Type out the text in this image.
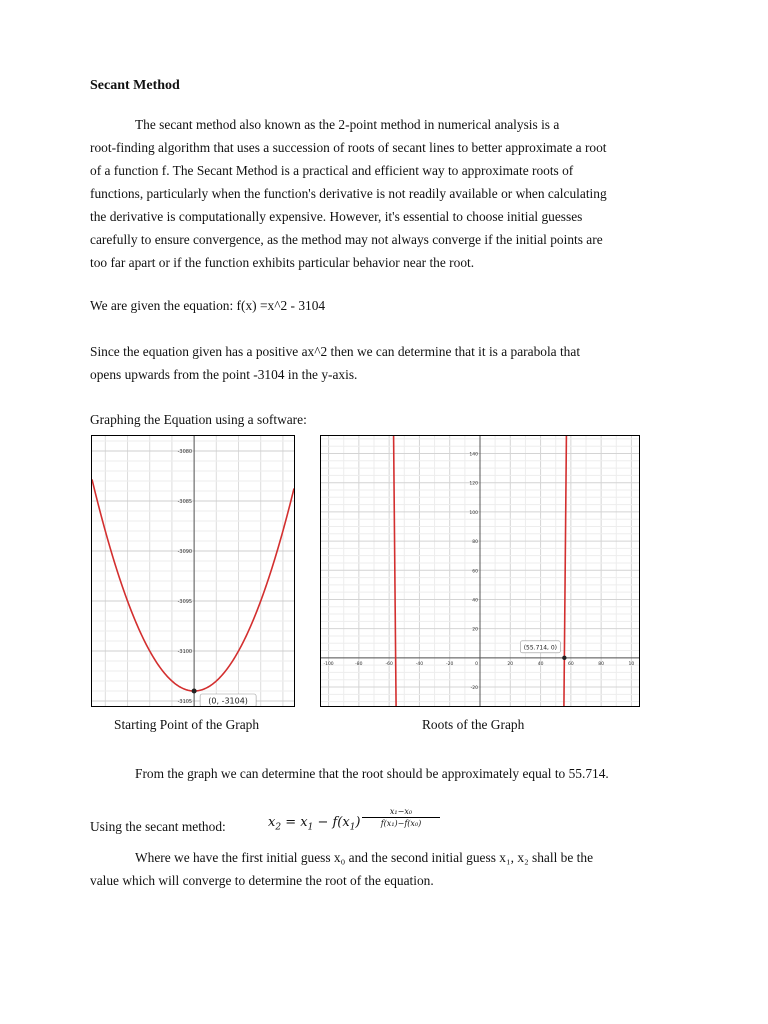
Secant Method

The secant method also known as the 2-point method in numerical analysis is a
root-finding algorithm that uses a succession of roots of secant lines to better approximate a root
of a function f. The Secant Method is a practical and efficient way to approximate roots of
functions, particularly when the function's derivative is not readily available or when calculating
the derivative is computationally expensive. However, it's essential to choose initial guesses
carefully to ensure convergence, as the method may not always converge if the initial points are
too far apart or if the function exhibits particular behavior near the root.

We are given the equation: f(x) =x^2 - 3104

Since the equation given has a positive ax^2 then we can determine that it is a parabola that
opens upwards from the point -3104 in the y-axis.

Graphing the Equation using a software:

-3080
-3085
-3090
-3095
-3100
-3105 (0, -3104)
-100	-80	-60	-40	-20	20	40	60	80	10
140
120
100
80
60
40
20
-20
0
(55.714, 0)
Starting Point of the Graph	Roots of the Graph

From the graph we can determine that the root should be approximately equal to 55.714.

Using the secant method:	$x_2 = x_1 - f(x_1) \frac{\text{x₁−x₀}}{\text{f(x₁)−f(x₀)}}$

Where we have the first initial guess x₀ and the second initial guess x₁, x₂ shall be the
value which will converge to determine the root of the equation.
